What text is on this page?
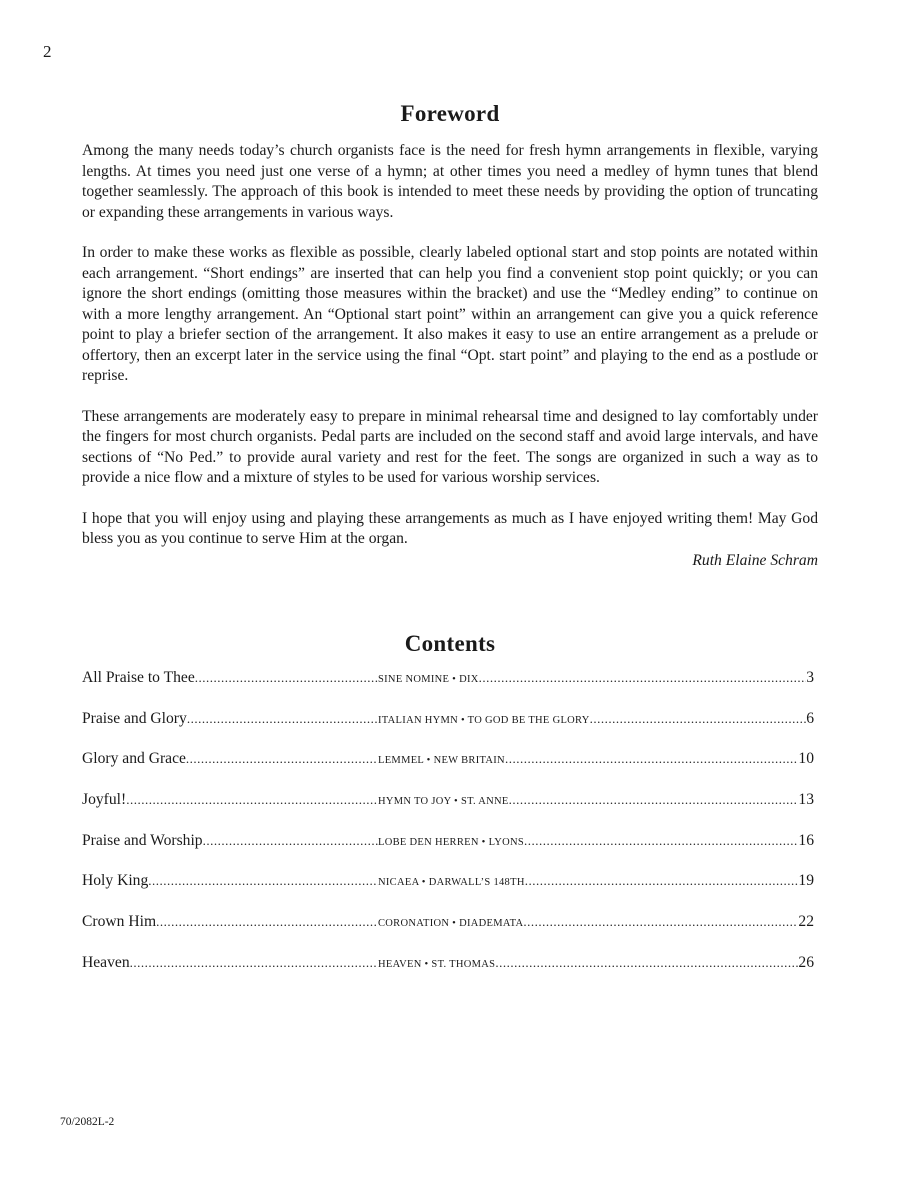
2
Foreword

Among the many needs today’s church organists face is the need for fresh hymn arrangements in flexible, varying lengths. At times you need just one verse of a hymn; at other times you need a medley of hymn tunes that blend together seamlessly. The approach of this book is intended to meet these needs by providing the option of truncating or expanding these arrangements in various ways.

In order to make these works as flexible as possible, clearly labeled optional start and stop points are notated within each arrangement. “Short endings” are inserted that can help you find a convenient stop point quickly; or you can ignore the short endings (omitting those measures within the bracket) and use the “Medley ending” to continue on with a more lengthy arrangement. An “Optional start point” within an arrangement can give you a quick reference point to play a briefer section of the arrangement. It also makes it easy to use an entire arrangement as a prelude or offertory, then an excerpt later in the service using the final “Opt. start point” and playing to the end as a postlude or reprise.

These arrangements are moderately easy to prepare in minimal rehearsal time and designed to lay comfortably under the fingers for most church organists. Pedal parts are included on the second staff and avoid large intervals, and have sections of “No Ped.” to provide aural variety and rest for the feet. The songs are organized in such a way as to provide a nice flow and a mixture of styles to be used for various worship services.

I hope that you will enjoy using and playing these arrangements as much as I have enjoyed writing them! May God bless you as you continue to serve Him at the organ.

Ruth Elaine Schram
Contents
All Praise to Thee .....	SINE NOMINE • DIX .....	3
Praise and Glory .....	ITALIAN HYMN • TO GOD BE THE GLORY .....	6
Glory and Grace .....	LEMMEL • NEW BRITAIN .....	10
Joyful! .....	HYMN TO JOY • ST. ANNE .....	13
Praise and Worship .....	LOBE DEN HERREN • LYONS .....	16
Holy King .....	NICAEA • DARWALL’S 148TH .....	19
Crown Him .....	CORONATION • DIADEMATA .....	22
Heaven .....	HEAVEN • ST. THOMAS .....	26
70/2082L-2
